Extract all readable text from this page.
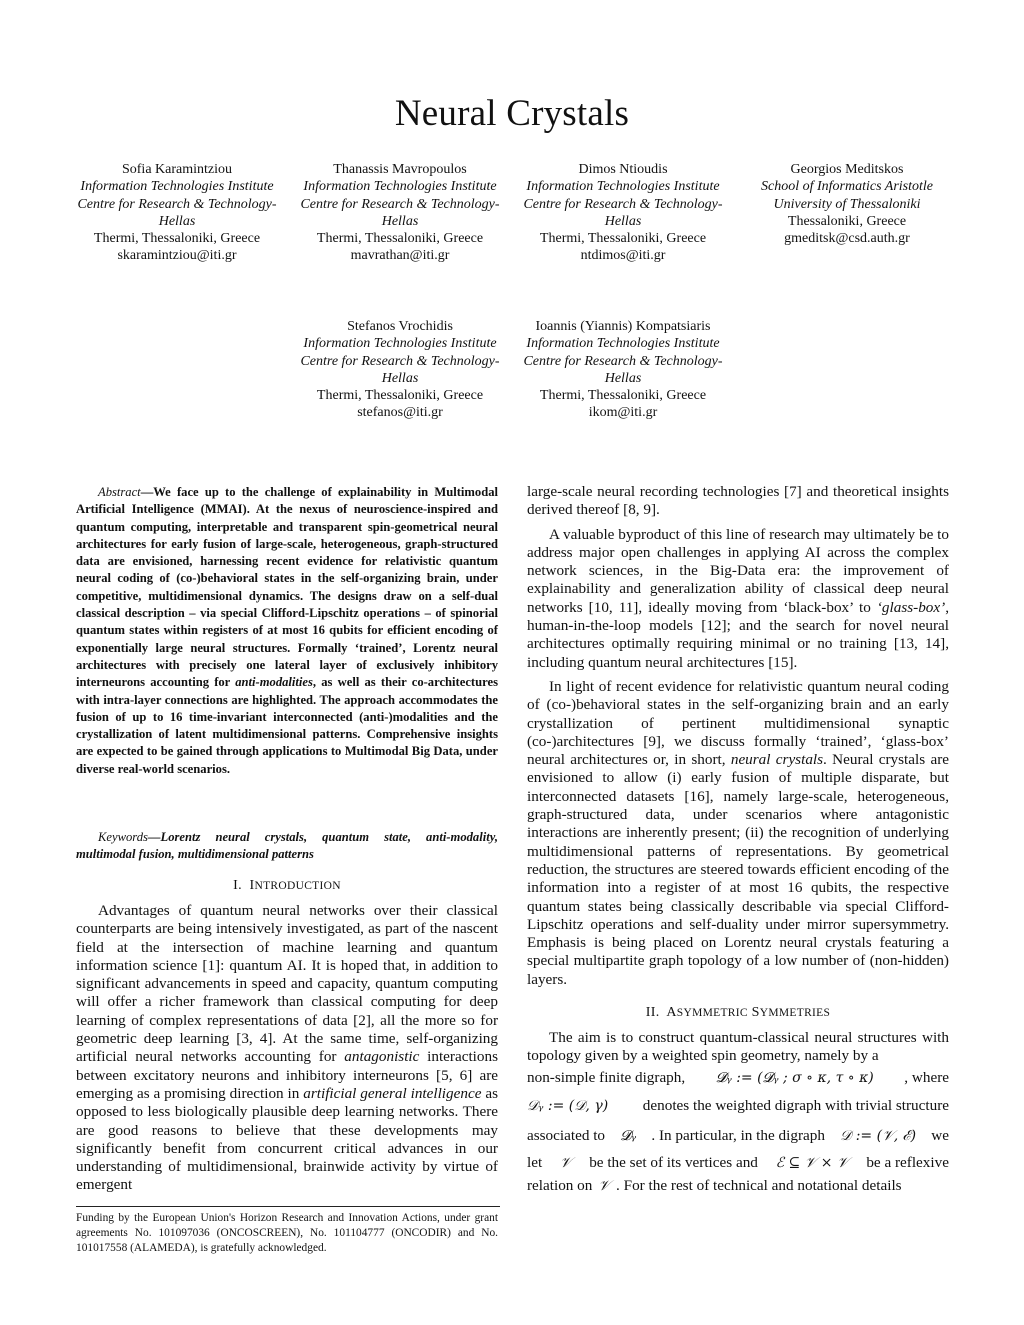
Neural Crystals
Sofia Karamintziou
Information Technologies Institute Centre for Research & Technology-Hellas
Thermi, Thessaloniki, Greece
skaramintziou@iti.gr
Thanassis Mavropoulos
Information Technologies Institute Centre for Research & Technology-Hellas
Thermi, Thessaloniki, Greece
mavrathan@iti.gr
Dimos Ntioudis
Information Technologies Institute Centre for Research & Technology-Hellas
Thermi, Thessaloniki, Greece
ntdimos@iti.gr
Georgios Meditskos
School of Informatics Aristotle University of Thessaloniki
Thessaloniki, Greece
gmeditsk@csd.auth.gr
Stefanos Vrochidis
Information Technologies Institute Centre for Research & Technology-Hellas
Thermi, Thessaloniki, Greece
stefanos@iti.gr
Ioannis (Yiannis) Kompatsiaris
Information Technologies Institute Centre for Research & Technology-Hellas
Thermi, Thessaloniki, Greece
ikom@iti.gr
Abstract—We face up to the challenge of explainability in Multimodal Artificial Intelligence (MMAI). At the nexus of neuroscience-inspired and quantum computing, interpretable and transparent spin-geometrical neural architectures for early fusion of large-scale, heterogeneous, graph-structured data are envisioned, harnessing recent evidence for relativistic quantum neural coding of (co-)behavioral states in the self-organizing brain, under competitive, multidimensional dynamics. The designs draw on a self-dual classical description – via special Clifford-Lipschitz operations – of spinorial quantum states within registers of at most 16 qubits for efficient encoding of exponentially large neural structures. Formally ‘trained’, Lorentz neural architectures with precisely one lateral layer of exclusively inhibitory interneurons accounting for anti-modalities, as well as their co-architectures with intra-layer connections are highlighted. The approach accommodates the fusion of up to 16 time-invariant interconnected (anti-)modalities and the crystallization of latent multidimensional patterns. Comprehensive insights are expected to be gained through applications to Multimodal Big Data, under diverse real-world scenarios.
Keywords—Lorentz neural crystals, quantum state, anti-modality, multimodal fusion, multidimensional patterns
I. INTRODUCTION

Advantages of quantum neural networks over their classical counterparts are being intensively investigated, as part of the nascent field at the intersection of machine learning and quantum information science [1]: quantum AI. It is hoped that, in addition to significant advancements in speed and capacity, quantum computing will offer a richer framework than classical computing for deep learning of complex representations of data [2], all the more so for geometric deep learning [3, 4]. At the same time, self-organizing artificial neural networks accounting for antagonistic interactions between excitatory neurons and inhibitory interneurons [5, 6] are emerging as a promising direction in artificial general intelligence as opposed to less biologically plausible deep learning networks. There are good reasons to believe that these developments may significantly benefit from concurrent critical advances in our understanding of multidimensional, brainwide activity by virtue of emergent

large-scale neural recording technologies [7] and theoretical insights derived thereof [8, 9].

A valuable byproduct of this line of research may ultimately be to address major open challenges in applying AI across the complex network sciences, in the Big-Data era: the improvement of explainability and generalization ability of classical deep neural networks [10, 11], ideally moving from ‘black-box’ to ‘glass-box’, human-in-the-loop models [12]; and the search for novel neural architectures optimally requiring minimal or no training [13, 14], including quantum neural architectures [15].

In light of recent evidence for relativistic quantum neural coding of (co-)behavioral states in the self-organizing brain and an early crystallization of pertinent multidimensional synaptic (co-)architectures [9], we discuss formally ‘trained’, ‘glass-box’ neural architectures or, in short, neural crystals. Neural crystals are envisioned to allow (i) early fusion of multiple disparate, but interconnected datasets [16], namely large-scale, heterogeneous, graph-structured data, under scenarios where antagonistic interactions are inherently present; (ii) the recognition of underlying multidimensional patterns of representations. By geometrical reduction, the structures are steered towards efficient encoding of the information into a register of at most 16 qubits, the respective quantum states being classically describable via special Clifford-Lipschitz operations and self-duality under mirror supersymmetry. Emphasis is being placed on Lorentz neural crystals featuring a special multipartite graph topology of a low number of (non-hidden) layers.

II. ASYMMETRIC SYMMETRIES

The aim is to construct quantum-classical neural structures with topology given by a weighted spin geometry, namely by a

non-simple finite digraph, 𝓓ᵧ := (𝓓ᵧ ; σ ∘ κ, τ ∘ κ) , where
𝒟ᵧ := (𝒟, γ) denotes the weighted digraph with trivial structure
associated to 𝓓ᵧ . In particular, in the digraph 𝒟 := (𝒱, ℰ) we
let 𝒱 be the set of its vertices and ℰ ⊆ 𝒱 × 𝒱 be a reflexive
relation on 𝒱 . For the rest of technical and notational details
Funding by the European Union's Horizon Research and Innovation Actions, under grant agreements No. 101097036 (ONCOSCREEN), No. 101104777 (ONCODIR) and No. 101017558 (ALAMEDA), is gratefully acknowledged.
